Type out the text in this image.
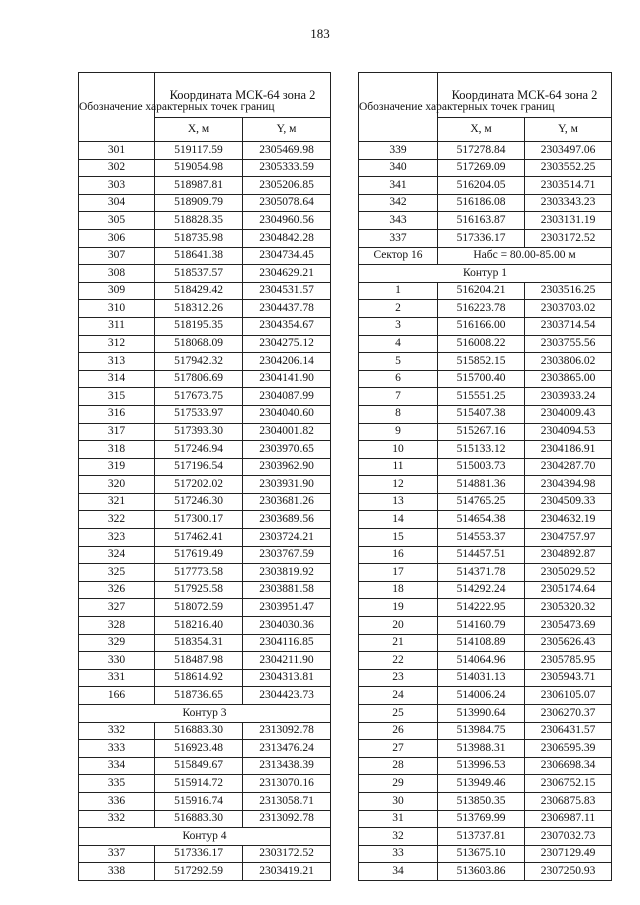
183
Обозначение характерных точек границ	Координата МСК-64 зона 2	
	X, м	Y, м
301	519117.59	2305469.98
302	519054.98	2305333.59
303	518987.81	2305206.85
304	518909.79	2305078.64
305	518828.35	2304960.56
306	518735.98	2304842.28
307	518641.38	2304734.45
308	518537.57	2304629.21
309	518429.42	2304531.57
310	518312.26	2304437.78
311	518195.35	2304354.67
312	518068.09	2304275.12
313	517942.32	2304206.14
314	517806.69	2304141.90
315	517673.75	2304087.99
316	517533.97	2304040.60
317	517393.30	2304001.82
318	517246.94	2303970.65
319	517196.54	2303962.90
320	517202.02	2303931.90
321	517246.30	2303681.26
322	517300.17	2303689.56
323	517462.41	2303724.21
324	517619.49	2303767.59
325	517773.58	2303819.92
326	517925.58	2303881.58
327	518072.59	2303951.47
328	518216.40	2304030.36
329	518354.31	2304116.85
330	518487.98	2304211.90
331	518614.92	2304313.81
166	518736.65	2304423.73
Контур 3		
332	516883.30	2313092.78
333	516923.48	2313476.24
334	515849.67	2313438.39
335	515914.72	2313070.16
336	515916.74	2313058.71
332	516883.30	2313092.78
Контур 4		
337	517336.17	2303172.52
338	517292.59	2303419.21
Обозначение характерных точек границ	Координата МСК-64 зона 2	
	X, м	Y, м
339	517278.84	2303497.06
340	517269.09	2303552.25
341	516204.05	2303514.71
342	516186.08	2303343.23
343	516163.87	2303131.19
337	517336.17	2303172.52
Сектор 16	Набс = 80.00-85.00 м	
Контур 1		
1	516204.21	2303516.25
2	516223.78	2303703.02
3	516166.00	2303714.54
4	516008.22	2303755.56
5	515852.15	2303806.02
6	515700.40	2303865.00
7	515551.25	2303933.24
8	515407.38	2304009.43
9	515267.16	2304094.53
10	515133.12	2304186.91
11	515003.73	2304287.70
12	514881.36	2304394.98
13	514765.25	2304509.33
14	514654.38	2304632.19
15	514553.37	2304757.97
16	514457.51	2304892.87
17	514371.78	2305029.52
18	514292.24	2305174.64
19	514222.95	2305320.32
20	514160.79	2305473.69
21	514108.89	2305626.43
22	514064.96	2305785.95
23	514031.13	2305943.71
24	514006.24	2306105.07
25	513990.64	2306270.37
26	513984.75	2306431.57
27	513988.31	2306595.39
28	513996.53	2306698.34
29	513949.46	2306752.15
30	513850.35	2306875.83
31	513769.99	2306987.11
32	513737.81	2307032.73
33	513675.10	2307129.49
34	513603.86	2307250.93
